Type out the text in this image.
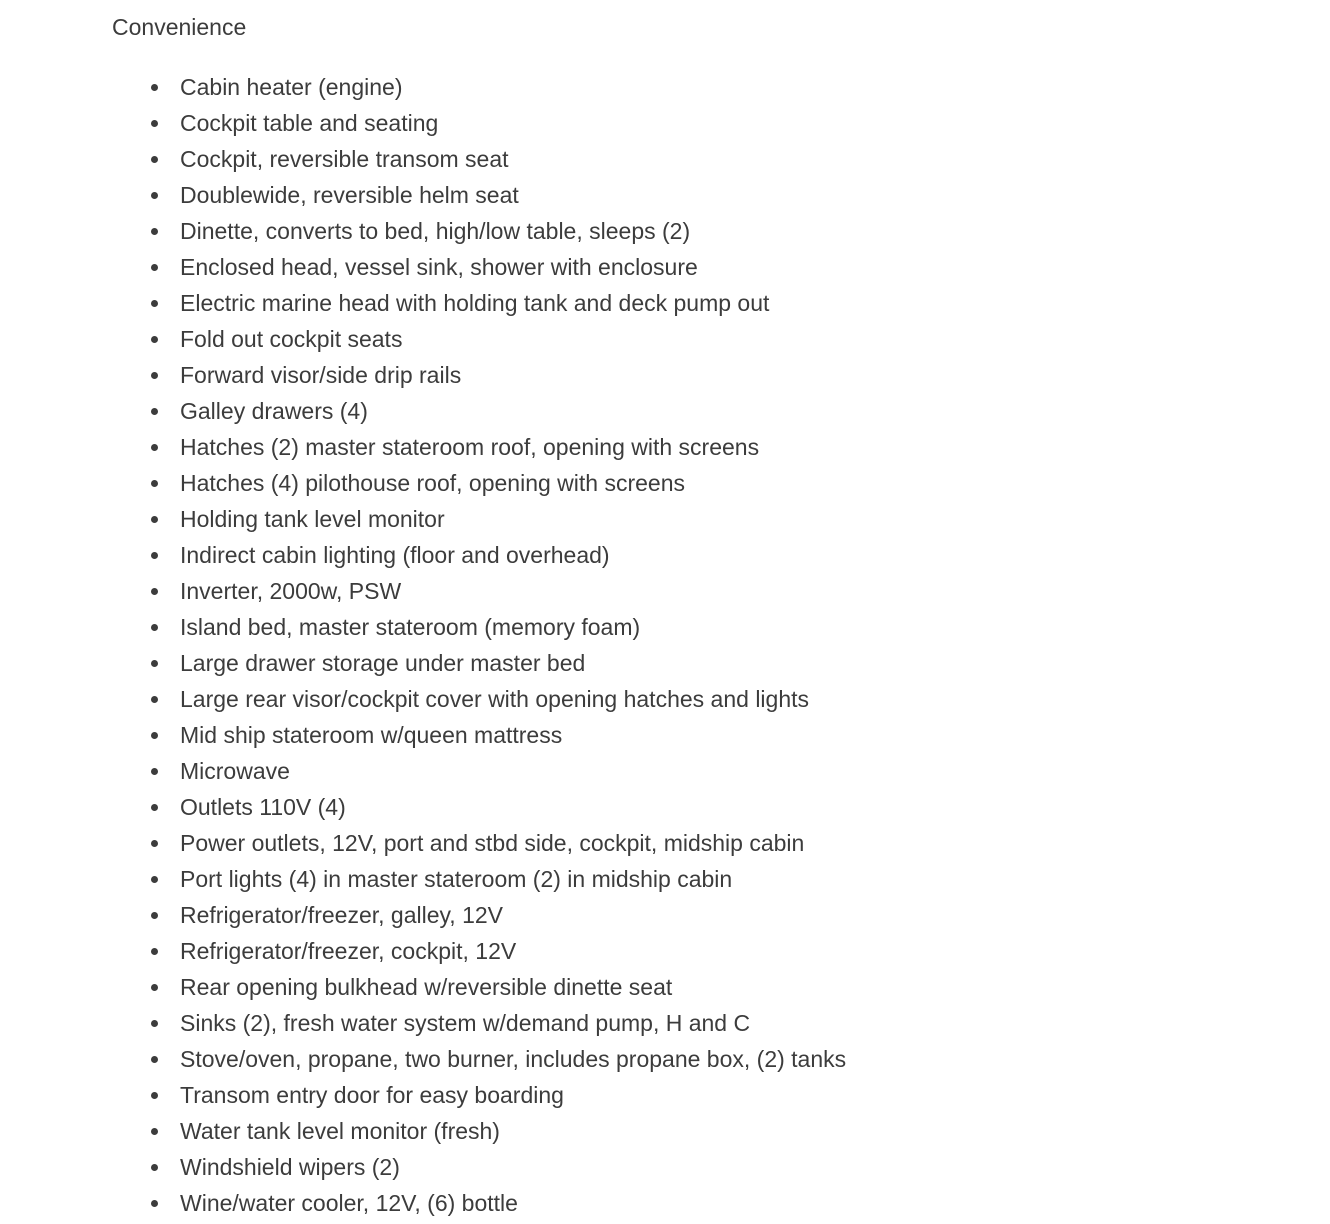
Convenience
Cabin heater (engine)
Cockpit table and seating
Cockpit, reversible transom seat
Doublewide, reversible helm seat
Dinette, converts to bed, high/low table, sleeps (2)
Enclosed head, vessel sink, shower with enclosure
Electric marine head with holding tank and deck pump out
Fold out cockpit seats
Forward visor/side drip rails
Galley drawers (4)
Hatches (2) master stateroom roof, opening with screens
Hatches (4) pilothouse roof, opening with screens
Holding tank level monitor
Indirect cabin lighting (floor and overhead)
Inverter, 2000w, PSW
Island bed, master stateroom (memory foam)
Large drawer storage under master bed
Large rear visor/cockpit cover with opening hatches and lights
Mid ship stateroom w/queen mattress
Microwave
Outlets 110V (4)
Power outlets, 12V, port and stbd side, cockpit, midship cabin
Port lights (4) in master stateroom (2) in midship cabin
Refrigerator/freezer, galley, 12V
Refrigerator/freezer, cockpit, 12V
Rear opening bulkhead w/reversible dinette seat
Sinks (2), fresh water system w/demand pump, H and C
Stove/oven, propane, two burner, includes propane box, (2) tanks
Transom entry door for easy boarding
Water tank level monitor (fresh)
Windshield wipers (2)
Wine/water cooler, 12V, (6) bottle
